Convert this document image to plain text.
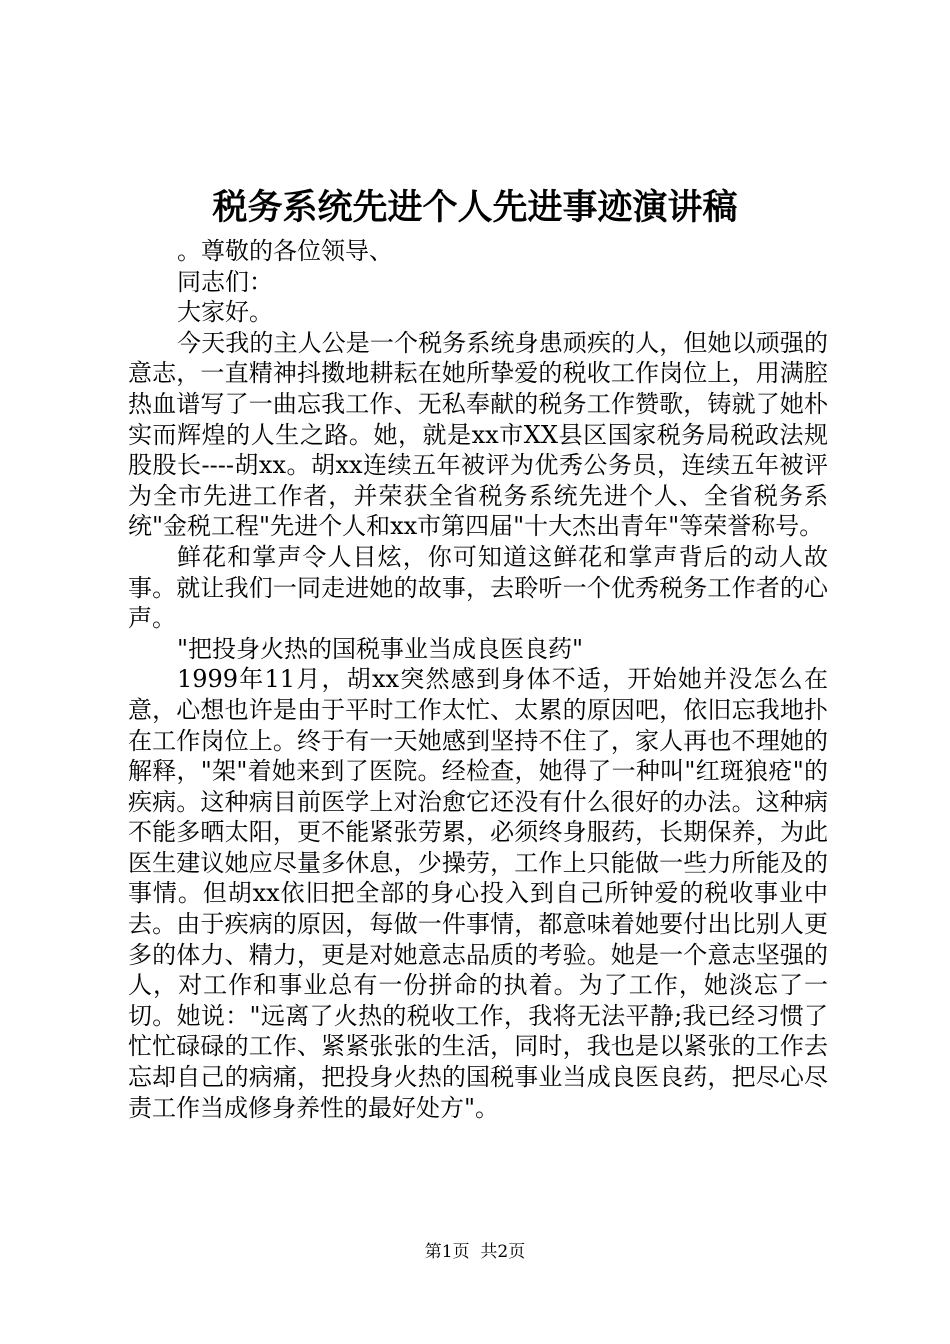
税务系统先进个人先进事迹演讲稿

。尊敬的各位领导、

同志们：

大家好。

今天我的主人公是一个税务系统身患顽疾的人，但她以顽强的意志，一直精神抖擞地耕耘在她所挚爱的税收工作岗位上，用满腔热血谱写了一曲忘我工作、无私奉献的税务工作赞歌，铸就了她朴实而辉煌的人生之路。她，就是xx市XX县区国家税务局税政法规股股长----胡xx。胡xx连续五年被评为优秀公务员，连续五年被评为全市先进工作者，并荣获全省税务系统先进个人、全省税务系统"金税工程"先进个人和xx市第四届"十大杰出青年"等荣誉称号。

鲜花和掌声令人目炫，你可知道这鲜花和掌声背后的动人故事。就让我们一同走进她的故事，去聆听一个优秀税务工作者的心声。

"把投身火热的国税事业当成良医良药"

1999年11月，胡xx突然感到身体不适，开始她并没怎么在意，心想也许是由于平时工作太忙、太累的原因吧，依旧忘我地扑在工作岗位上。终于有一天她感到坚持不住了，家人再也不理她的解释，"架"着她来到了医院。经检查，她得了一种叫"红斑狼疮"的疾病。这种病目前医学上对治愈它还没有什么很好的办法。这种病不能多晒太阳，更不能紧张劳累，必须终身服药，长期保养，为此医生建议她应尽量多休息，少操劳，工作上只能做一些力所能及的事情。但胡xx依旧把全部的身心投入到自己所钟爱的税收事业中去。由于疾病的原因，每做一件事情，都意味着她要付出比别人更多的体力、精力，更是对她意志品质的考验。她是一个意志坚强的人，对工作和事业总有一份拼命的执着。为了工作，她淡忘了一切。她说："远离了火热的税收工作，我将无法平静;我已经习惯了忙忙碌碌的工作、紧紧张张的生活，同时，我也是以紧张的工作去忘却自己的病痛，把投身火热的国税事业当成良医良药，把尽心尽责工作当成修身养性的最好处方"。

第1页  共2页
